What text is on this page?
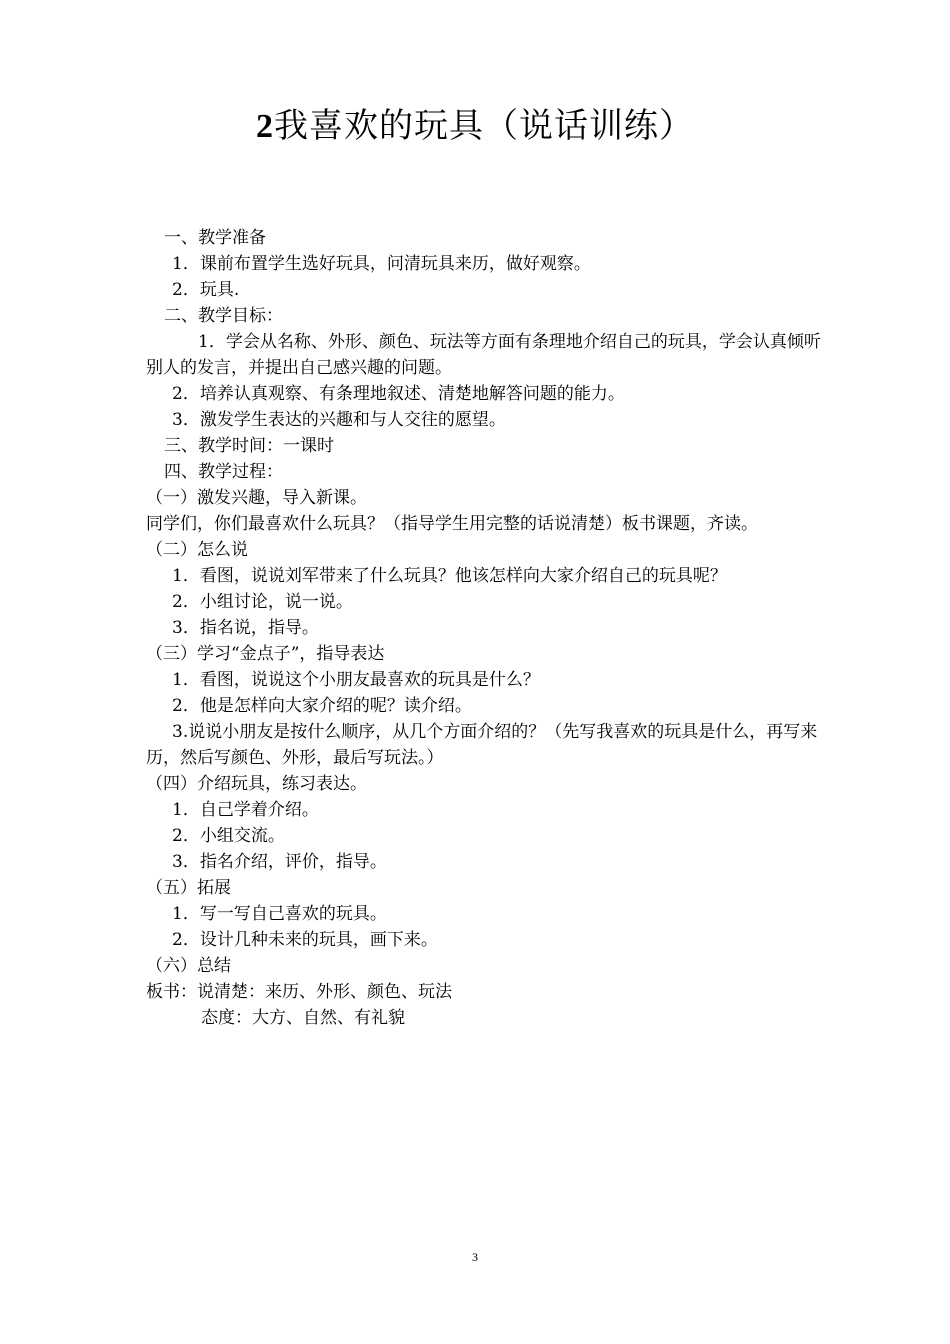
2我喜欢的玩具（说话训练）
一、教学准备
1．课前布置学生选好玩具，问清玩具来历，做好观察。
2．玩具.
二、教学目标：
1．学会从名称、外形、颜色、玩法等方面有条理地介绍自己的玩具，学会认真倾听别人的发言，并提出自己感兴趣的问题。
2．培养认真观察、有条理地叙述、清楚地解答问题的能力。
3．激发学生表达的兴趣和与人交往的愿望。
三、教学时间：一课时
四、教学过程：
（一）激发兴趣，导入新课。
同学们，你们最喜欢什么玩具？（指导学生用完整的话说清楚）板书课题，齐读。
（二）怎么说
1．看图，说说刘军带来了什么玩具？他该怎样向大家介绍自己的玩具呢？
2．小组讨论，说一说。
3．指名说，指导。
（三）学习“金点子”，指导表达
1．看图，说说这个小朋友最喜欢的玩具是什么？
2．他是怎样向大家介绍的呢？读介绍。
3.说说小朋友是按什么顺序，从几个方面介绍的？（先写我喜欢的玩具是什么，再写来历，然后写颜色、外形，最后写玩法。）
（四）介绍玩具，练习表达。
1．自己学着介绍。
2．小组交流。
3．指名介绍，评价，指导。
（五）拓展
1．写一写自己喜欢的玩具。
2．设计几种未来的玩具，画下来。
（六）总结
板书：说清楚：来历、外形、颜色、玩法
态度：大方、自然、有礼貌
3
